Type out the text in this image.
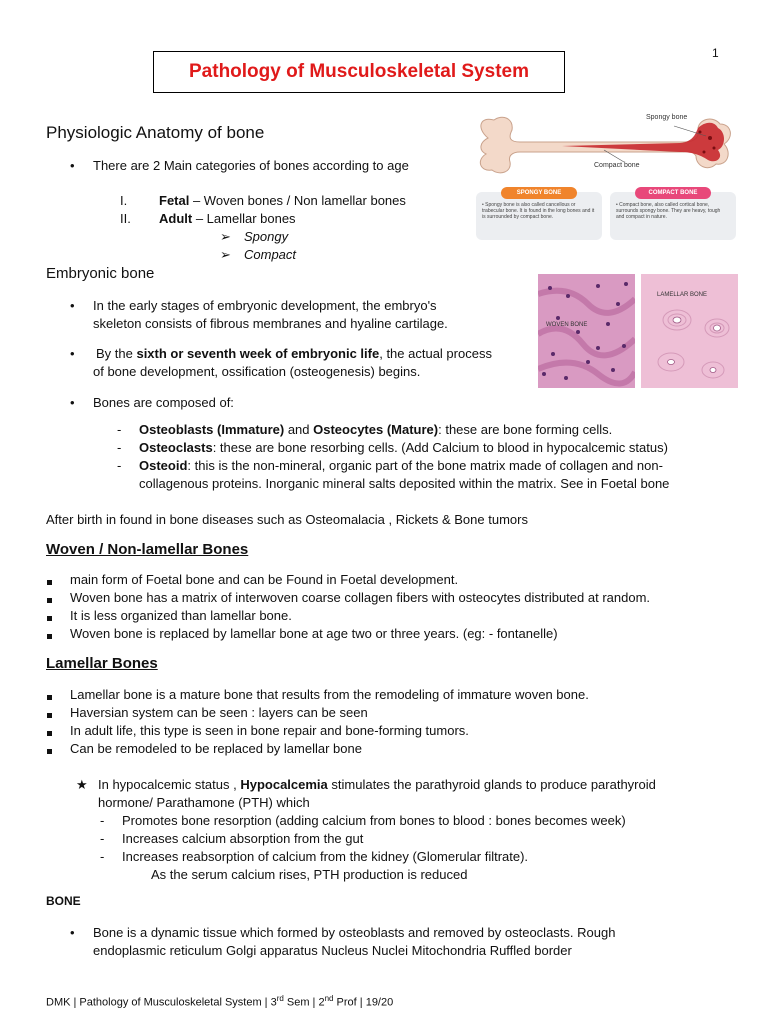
1
Pathology of Musculoskeletal System
Physiologic Anatomy of bone
• There are 2 Main categories of bones according to age
I. Fetal – Woven bones / Non lamellar bones
II. Adult – Lamellar bones
➢ Spongy
➢ Compact
Spongy bone
Compact bone
SPONGY BONE
• Spongy bone is also called cancellous or trabecular bone. It is found in the long bones and it is surrounded by compact bone.
COMPACT BONE
• Compact bone, also called cortical bone, surrounds spongy bone. They are heavy, tough and compact in nature.
WOVEN BONE
LAMELLAR BONE
Embryonic bone
• In the early stages of embryonic development, the embryo's
skeleton consists of fibrous membranes and hyaline cartilage.
• By the sixth or seventh week of embryonic life, the actual process
of bone development, ossification (osteogenesis) begins.
• Bones are composed of:
- Osteoblasts (Immature) and Osteocytes (Mature): these are bone forming cells.
- Osteoclasts: these are bone resorbing cells. (Add Calcium to blood in hypocalcemic status)
- Osteoid: this is the non-mineral, organic part of the bone matrix made of collagen and non-
collagenous proteins. Inorganic mineral salts deposited within the matrix. See in Foetal bone
After birth in found in bone diseases such as Osteomalacia , Rickets & Bone tumors
Woven / Non-lamellar Bones
main form of Foetal bone and can be Found in Foetal development.
Woven bone has a matrix of interwoven coarse collagen fibers with osteocytes distributed at random.
It is less organized than lamellar bone.
Woven bone is replaced by lamellar bone at age two or three years. (eg: - fontanelle)
Lamellar Bones
Lamellar bone is a mature bone that results from the remodeling of immature woven bone.
Haversian system can be seen : layers can be seen
In adult life, this type is seen in bone repair and bone-forming tumors.
Can be remodeled to be replaced by lamellar bone
★ In hypocalcemic status , Hypocalcemia stimulates the parathyroid glands to produce parathyroid
hormone/ Parathamone (PTH) which
- Promotes bone resorption (adding calcium from bones to blood : bones becomes week)
- Increases calcium absorption from the gut
- Increases reabsorption of calcium from the kidney (Glomerular filtrate).
As the serum calcium rises, PTH production is reduced
BONE
• Bone is a dynamic tissue which formed by osteoblasts and removed by osteoclasts. Rough
endoplasmic reticulum Golgi apparatus Nucleus Nuclei Mitochondria Ruffled border
DMK | Pathology of Musculoskeletal System | 3rd Sem | 2nd Prof | 19/20
